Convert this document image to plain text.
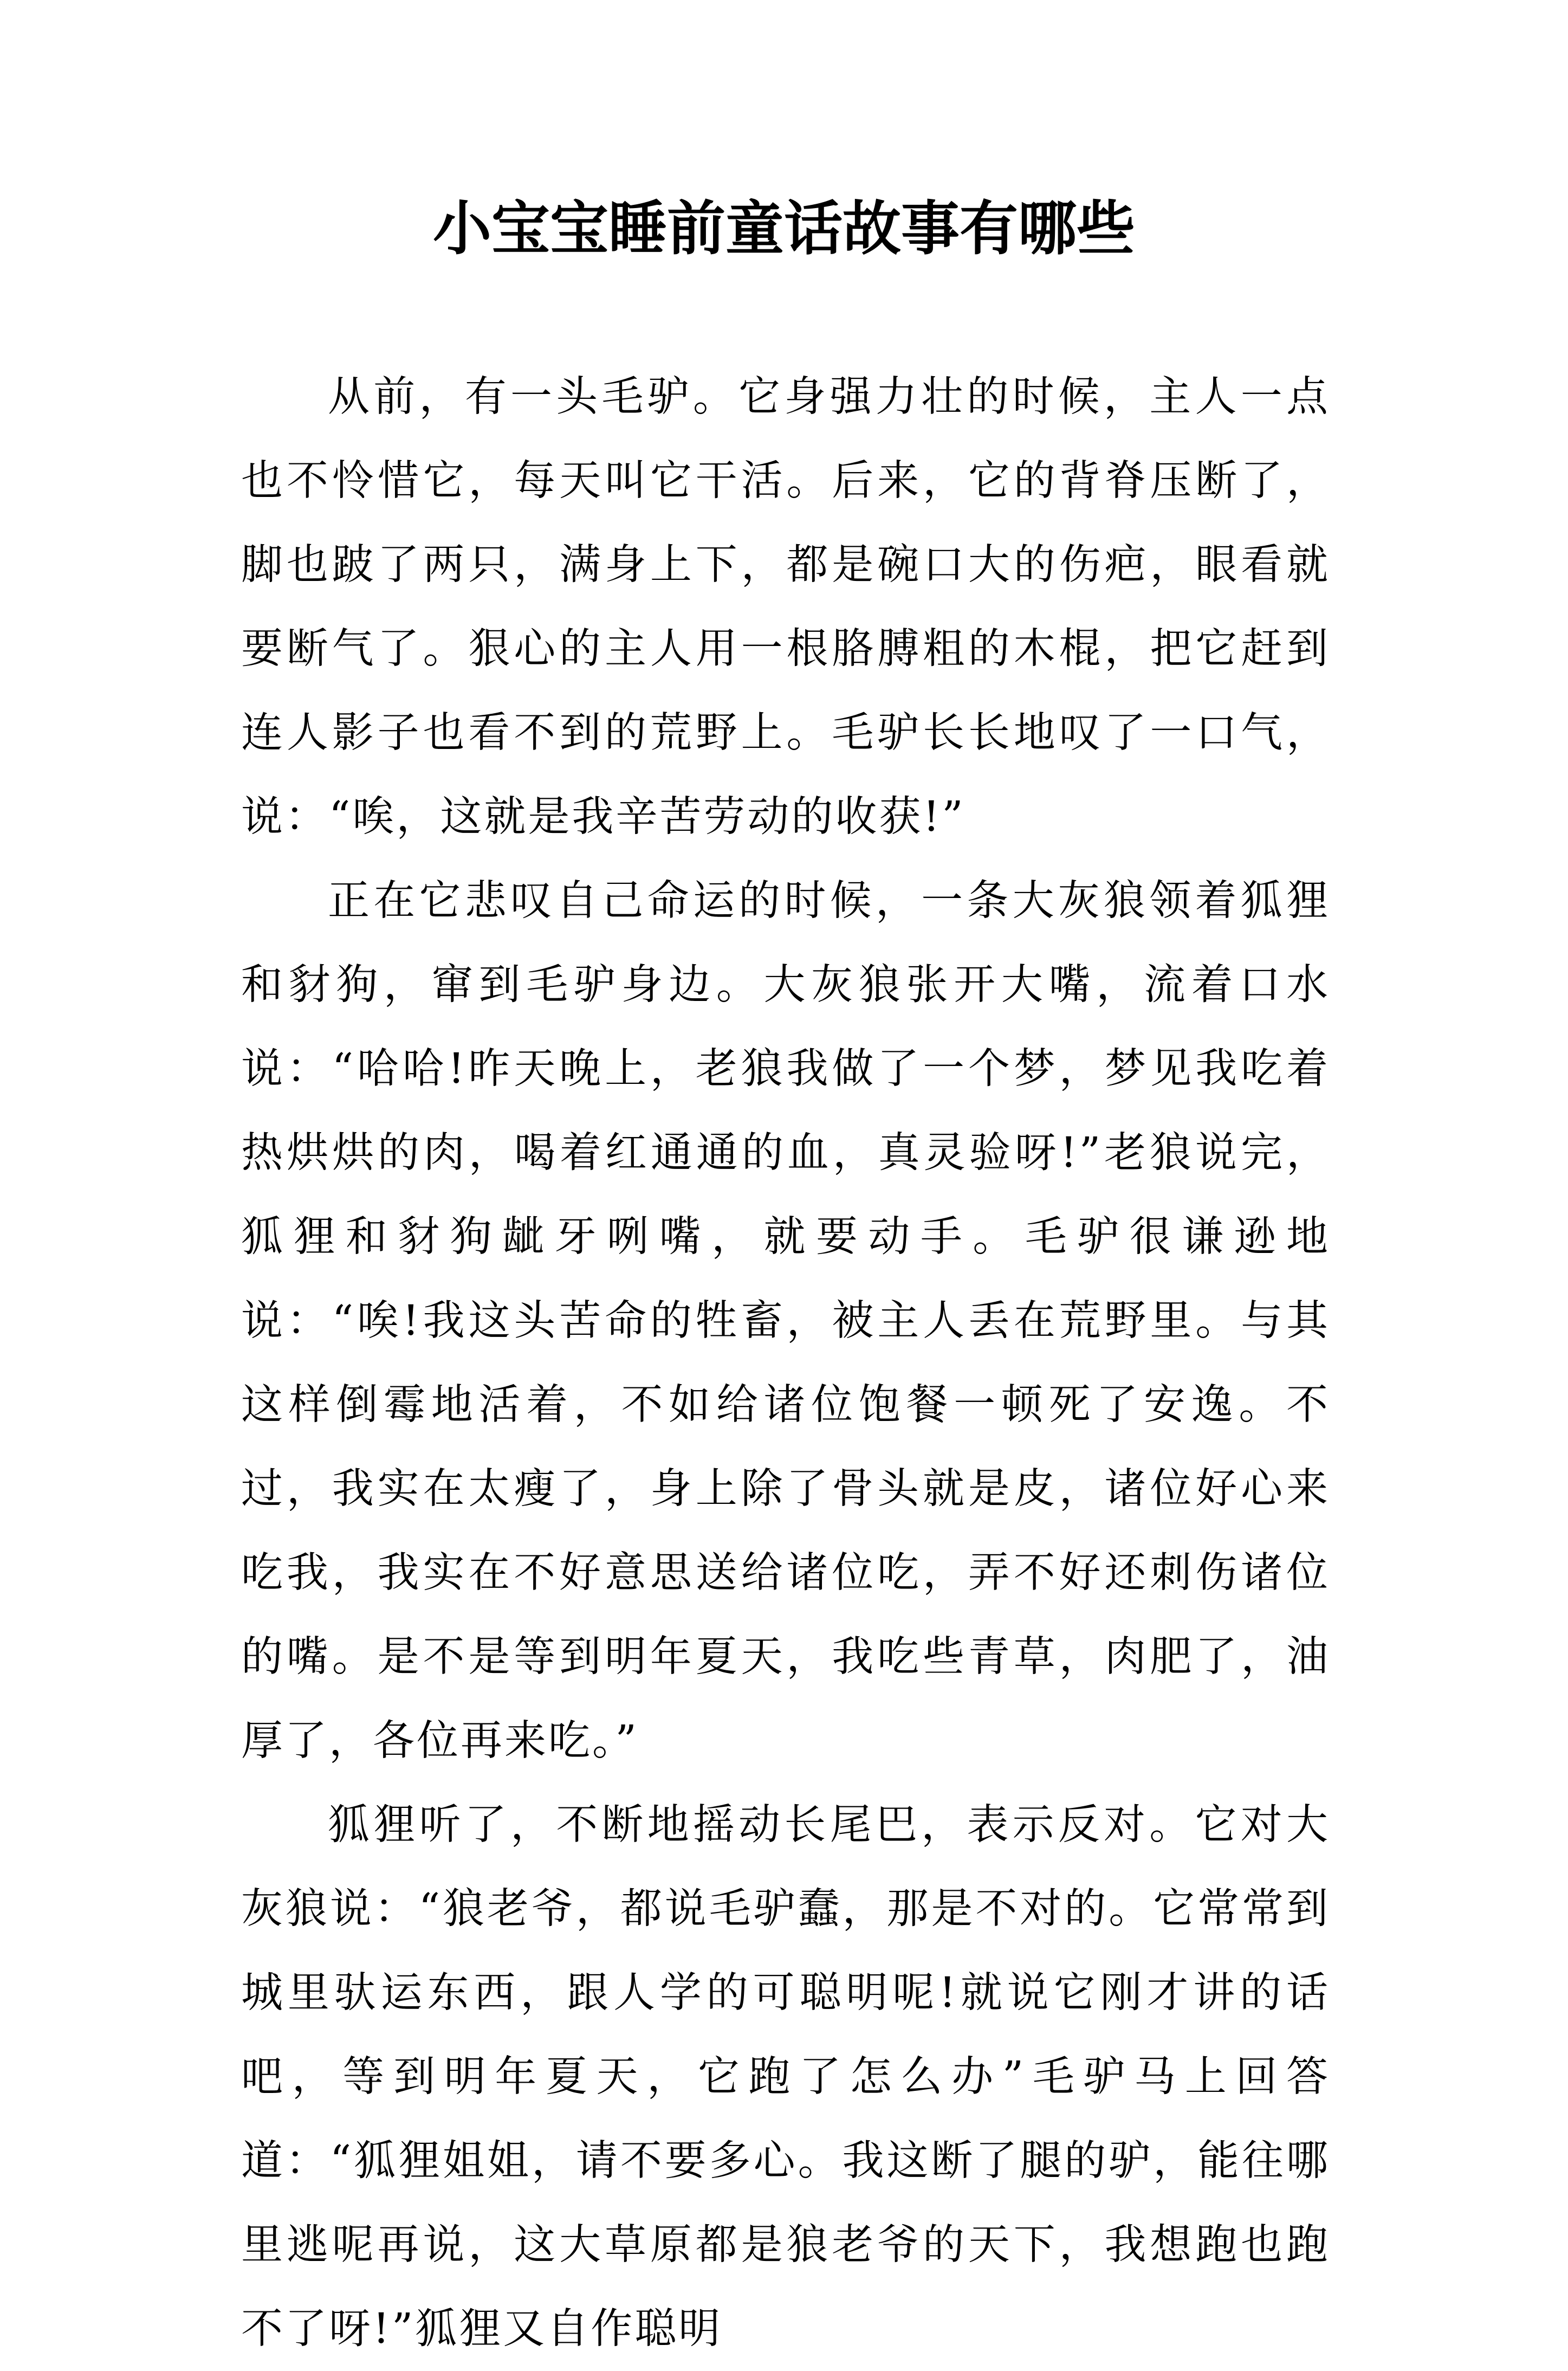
小宝宝睡前童话故事有哪些

从前，有一头毛驴。它身强力壮的时候，主人一点也不怜惜它，每天叫它干活。后来，它的背脊压断了，脚也跛了两只，满身上下，都是碗口大的伤疤，眼看就要断气了。狠心的主人用一根胳膊粗的木棍，把它赶到连人影子也看不到的荒野上。毛驴长长地叹了一口气，说：“唉，这就是我辛苦劳动的收获!”

正在它悲叹自己命运的时候，一条大灰狼领着狐狸和豺狗，窜到毛驴身边。大灰狼张开大嘴，流着口水说：“哈哈!昨天晚上，老狼我做了一个梦，梦见我吃着热烘烘的肉，喝着红通通的血，真灵验呀!”老狼说完，狐狸和豺狗龇牙咧嘴，就要动手。毛驴很谦逊地说：“唉!我这头苦命的牲畜，被主人丢在荒野里。与其这样倒霉地活着，不如给诸位饱餐一顿死了安逸。不过，我实在太瘦了，身上除了骨头就是皮，诸位好心来吃我，我实在不好意思送给诸位吃，弄不好还刺伤诸位的嘴。是不是等到明年夏天，我吃些青草，肉肥了，油厚了，各位再来吃。”

狐狸听了，不断地摇动长尾巴，表示反对。它对大灰狼说：“狼老爷，都说毛驴蠢，那是不对的。它常常到城里驮运东西，跟人学的可聪明呢!就说它刚才讲的话吧，等到明年夏天，它跑了怎么办”毛驴马上回答道：“狐狸姐姐，请不要多心。我这断了腿的驴，能往哪里逃呢再说，这大草原都是狼老爷的天下，我想跑也跑不了呀!”狐狸又自作聪明
